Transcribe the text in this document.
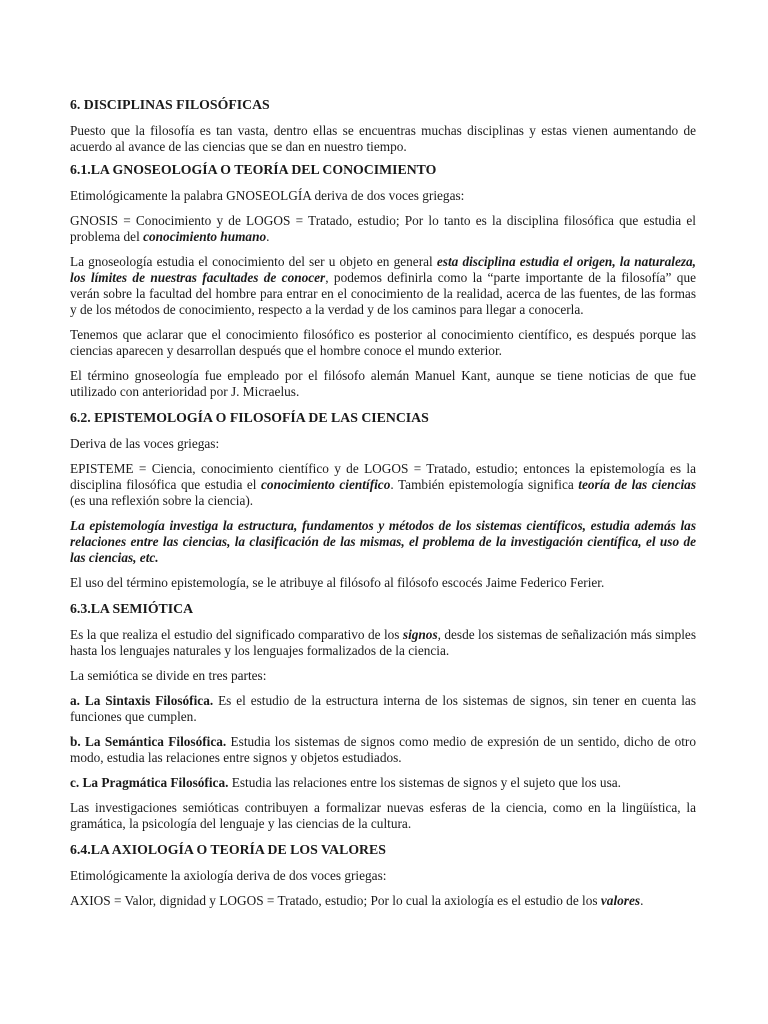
6. DISCIPLINAS FILOSÓFICAS

Puesto que la filosofía es tan vasta, dentro ellas se encuentras muchas disciplinas y estas vienen aumentando de acuerdo al avance de las ciencias que se dan en nuestro tiempo.

6.1.LA GNOSEOLOGÍA O TEORÍA DEL CONOCIMIENTO

Etimológicamente la palabra GNOSEOLGÍA deriva de dos voces griegas:

GNOSIS = Conocimiento y de LOGOS = Tratado, estudio; Por lo tanto es la disciplina filosófica que estudia el problema del conocimiento humano.

La gnoseología estudia el conocimiento del ser u objeto en general esta disciplina estudia el origen, la naturaleza, los límites de nuestras facultades de conocer, podemos definirla como la “parte importante de la filosofía” que verán sobre la facultad del hombre para entrar en el conocimiento de la realidad, acerca de las fuentes, de las formas y de los métodos de conocimiento, respecto a la verdad y de los caminos para llegar a conocerla.

Tenemos que aclarar que el conocimiento filosófico es posterior al conocimiento científico, es después porque las ciencias aparecen y desarrollan después que el hombre conoce el mundo exterior.

El término gnoseología fue empleado por el filósofo alemán Manuel Kant, aunque se tiene noticias de que fue utilizado con anterioridad por J. Micraelus.

6.2. EPISTEMOLOGÍA O FILOSOFÍA DE LAS CIENCIAS

Deriva de las voces griegas:

EPISTEME = Ciencia, conocimiento científico y de LOGOS = Tratado, estudio; entonces la epistemología es la disciplina filosófica que estudia el conocimiento científico. También epistemología significa teoría de las ciencias (es una reflexión sobre la ciencia).

La epistemología investiga la estructura, fundamentos y métodos de los sistemas científicos, estudia además las relaciones entre las ciencias, la clasificación de las mismas, el problema de la investigación científica, el uso de las ciencias, etc.

El uso del término epistemología, se le atribuye al filósofo al filósofo escocés Jaime Federico Ferier.

6.3.LA SEMIÓTICA

Es la que realiza el estudio del significado comparativo de los signos, desde los sistemas de señalización más simples hasta los lenguajes naturales y los lenguajes formalizados de la ciencia.

La semiótica se divide en tres partes:

a. La Sintaxis Filosófica. Es el estudio de la estructura interna de los sistemas de signos, sin tener en cuenta las funciones que cumplen.

b. La Semántica Filosófica. Estudia los sistemas de signos como medio de expresión de un sentido, dicho de otro modo, estudia las relaciones entre signos y objetos estudiados.

c. La Pragmática Filosófica. Estudia las relaciones entre los sistemas de signos y el sujeto que los usa.

Las investigaciones semióticas contribuyen a formalizar nuevas esferas de la ciencia, como en la lingüística, la gramática, la psicología del lenguaje y las ciencias de la cultura.

6.4.LA AXIOLOGÍA O TEORÍA DE LOS VALORES

Etimológicamente la axiología deriva de dos voces griegas:

AXIOS = Valor, dignidad y LOGOS = Tratado, estudio; Por lo cual la axiología es el estudio de los valores.
